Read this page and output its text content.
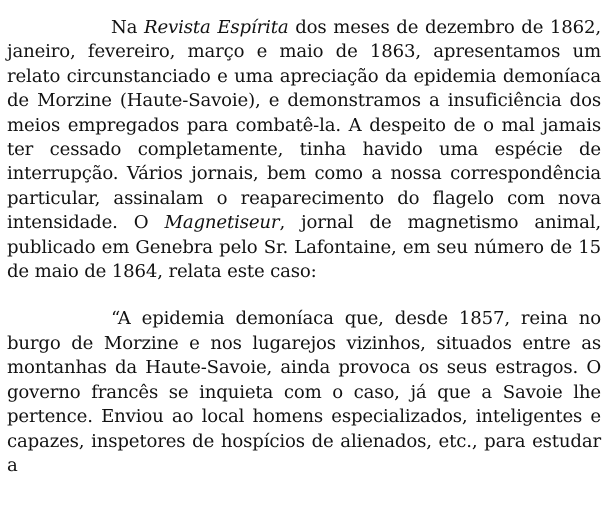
Na Revista Espírita dos meses de dezembro de 1862, janeiro, fevereiro, março e maio de 1863, apresentamos um relato circunstanciado e uma apreciação da epidemia demoníaca de Morzine (Haute-Savoie), e demonstramos a insuficiência dos meios empregados para combatê-la. A despeito de o mal jamais ter cessado completamente, tinha havido uma espécie de interrupção. Vários jornais, bem como a nossa correspondência particular, assinalam o reaparecimento do flagelo com nova intensidade. O Magnetiseur, jornal de magnetismo animal, publicado em Genebra pelo Sr. Lafontaine, em seu número de 15 de maio de 1864, relata este caso:

“A epidemia demoníaca que, desde 1857, reina no burgo de Morzine e nos lugarejos vizinhos, situados entre as montanhas da Haute-Savoie, ainda provoca os seus estragos. O governo francês se inquieta com o caso, já que a Savoie lhe pertence. Enviou ao local homens especializados, inteligentes e capazes, inspetores de hospícios de alienados, etc., para estudar a
